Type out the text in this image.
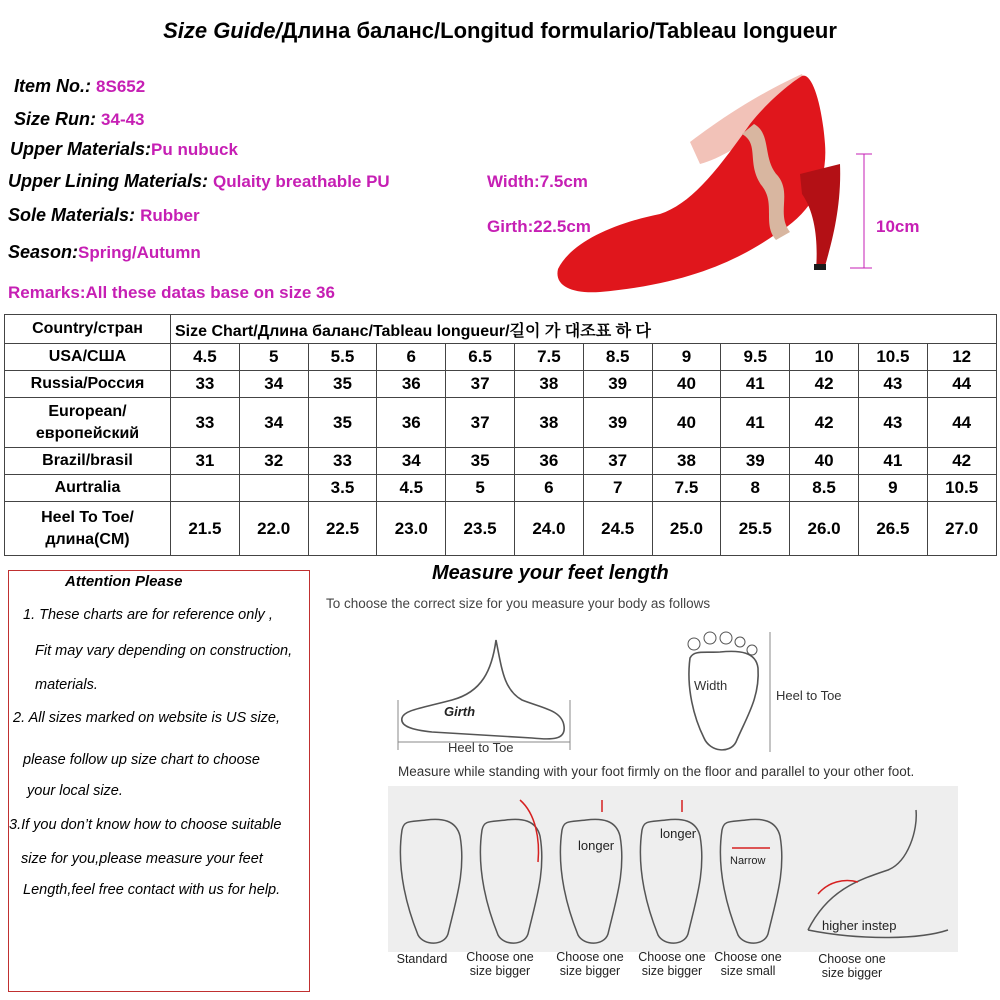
Size Guide/Длина баланс/Longitud formulario/Tableau longueur
Item No.: 8S652
Size Run: 34-43
Upper Materials:Pu nubuck
Upper Lining Materials: Qulaity breathable PU
Sole Materials: Rubber
Season:Spring/Autumn
Remarks:All these datas base on size 36
Width:7.5cm
Girth:22.5cm	10cm
Country/стран	Size Chart/Длина баланс/Tableau longueur/길이 가 대조표 하 다											
USA/США	4.5	5	5.5	6	6.5	7.5	8.5	9	9.5	10	10.5	12
Russia/Россия	33	34	35	36	37	38	39	40	41	42	43	44
European/европейский	33	34	35	36	37	38	39	40	41	42	43	44
Brazil/brasil	31	32	33	34	35	36	37	38	39	40	41	42
Aurtralia			3.5	4.5	5	6	7	7.5	8	8.5	9	10.5
Heel To Toe/длина(CM)	21.5	22.0	22.5	23.0	23.5	24.0	24.5	25.0	25.5	26.0	26.5	27.0
Attention Please
1. These charts are for reference only ,
Fit may vary depending on construction,
materials.
2. All sizes marked on website is US size,
please follow up size chart to choose
your local size.
3.If you don’t know how to choose suitable
size for you,please measure your feet
Length,feel free contact with us for help.
Measure your feet length
To choose the correct size for you measure your body as follows
Girth
Heel to Toe
Width
Heel to Toe
Measure while standing with your foot firmly on the floor and parallel to your other foot.
longer
longer
Narrow
higher instep
Standard	Choose one
size bigger
Choose one
size bigger
Choose one
size bigger
Choose one
size small
Choose one
size bigger
